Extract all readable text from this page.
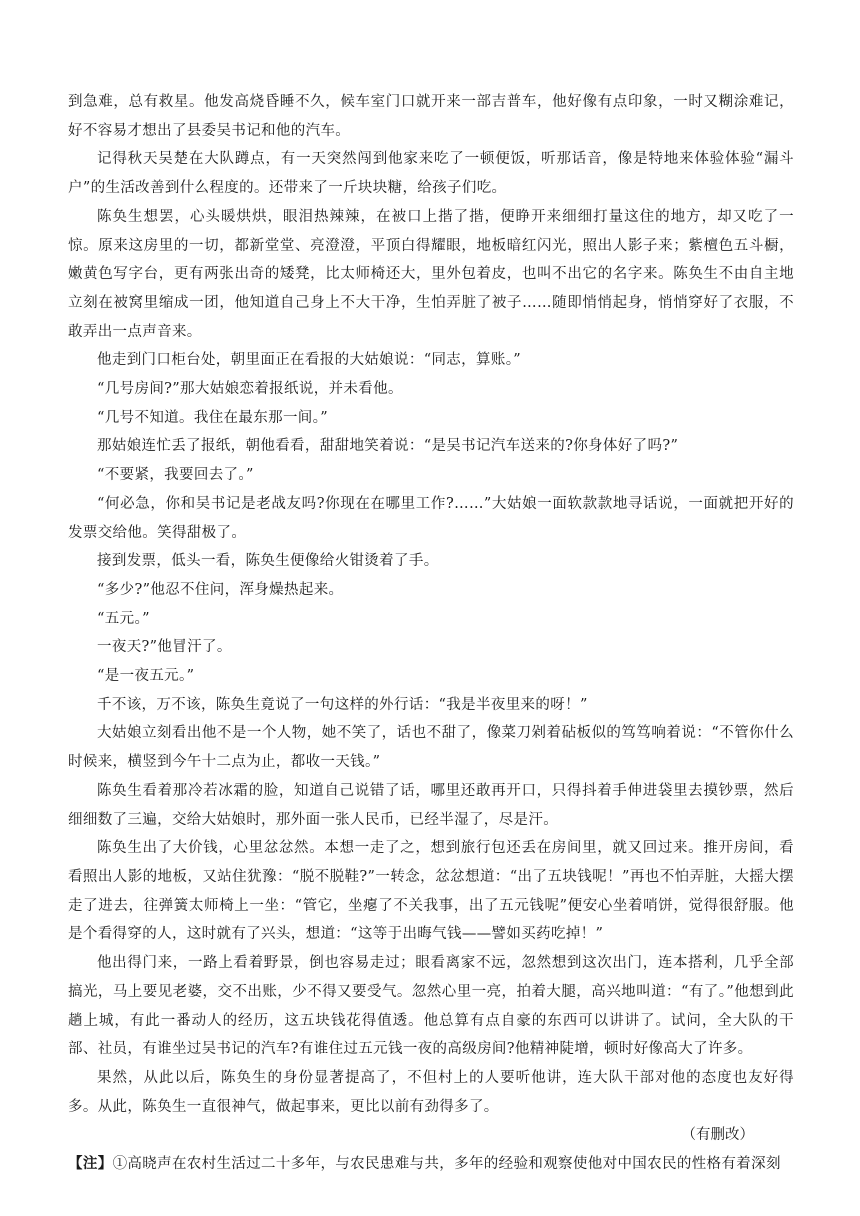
到急难，总有救星。他发高烧昏睡不久，候车室门口就开来一部吉普车，他好像有点印象，一时又糊涂难记，好不容易才想出了县委吴书记和他的汽车。

记得秋天吴楚在大队蹲点，有一天突然闯到他家来吃了一顿便饭，听那话音，像是特地来体验体验“漏斗户”的生活改善到什么程度的。还带来了一斤块块糖，给孩子们吃。

陈奂生想罢，心头暖烘烘，眼泪热辣辣，在被口上揩了揩，便睁开来细细打量这住的地方，却又吃了一惊。原来这房里的一切，都新堂堂、亮澄澄，平顶白得耀眼，地板暗红闪光，照出人影子来；紫檀色五斗橱，嫩黄色写字台，更有两张出奇的矮凳，比太师椅还大，里外包着皮，也叫不出它的名字来。陈奂生不由自主地立刻在被窝里缩成一团，他知道自己身上不大干净，生怕弄脏了被子……随即悄悄起身，悄悄穿好了衣服，不敢弄出一点声音来。

他走到门口柜台处，朝里面正在看报的大姑娘说：“同志，算账。”

“几号房间?”那大姑娘恋着报纸说，并未看他。

“几号不知道。我住在最东那一间。”

那姑娘连忙丢了报纸，朝他看看，甜甜地笑着说：“是吴书记汽车送来的?你身体好了吗?”

“不要紧，我要回去了。”

“何必急，你和吴书记是老战友吗?你现在在哪里工作?……”大姑娘一面软款款地寻话说，一面就把开好的发票交给他。笑得甜极了。

接到发票，低头一看，陈奂生便像给火钳烫着了手。

“多少?”他忍不住问，浑身燥热起来。

“五元。”

一夜天?”他冒汗了。

“是一夜五元。”

千不该，万不该，陈奂生竟说了一句这样的外行话：“我是半夜里来的呀！”

大姑娘立刻看出他不是一个人物，她不笑了，话也不甜了，像菜刀剁着砧板似的笃笃响着说：“不管你什么时候来，横竖到今午十二点为止，都收一天钱。”

陈奂生看着那冷若冰霜的脸，知道自己说错了话，哪里还敢再开口，只得抖着手伸进袋里去摸钞票，然后细细数了三遍，交给大姑娘时，那外面一张人民币，已经半湿了，尽是汗。

陈奂生出了大价钱，心里忿忿然。本想一走了之，想到旅行包还丢在房间里，就又回过来。推开房间，看看照出人影的地板，又站住犹豫：“脱不脱鞋?”一转念，忿忿想道：“出了五块钱呢！”再也不怕弄脏，大摇大摆走了进去，往弹簧太师椅上一坐：“管它，坐瘪了不关我事，出了五元钱呢”便安心坐着哨饼，觉得很舒服。他是个看得穿的人，这时就有了兴头，想道：“这等于出晦气钱——譬如买药吃掉！”

他出得门来，一路上看着野景，倒也容易走过；眼看离家不远，忽然想到这次出门，连本搭利，几乎全部搞光，马上要见老婆，交不出账，少不得又要受气。忽然心里一亮，拍着大腿，高兴地叫道：“有了。”他想到此趟上城，有此一番动人的经历，这五块钱花得值透。他总算有点自豪的东西可以讲讲了。试问，全大队的干部、社员，有谁坐过吴书记的汽车?有谁住过五元钱一夜的高级房间?他精神陡增，顿时好像高大了许多。

果然，从此以后，陈奂生的身份显著提高了，不但村上的人要听他讲，连大队干部对他的态度也友好得多。从此，陈奂生一直很神气，做起事来，更比以前有劲得多了。

（有删改）

【注】①高晓声在农村生活过二十多年，与农民患难与共，多年的经验和观察使他对中国农民的性格有着深刻
